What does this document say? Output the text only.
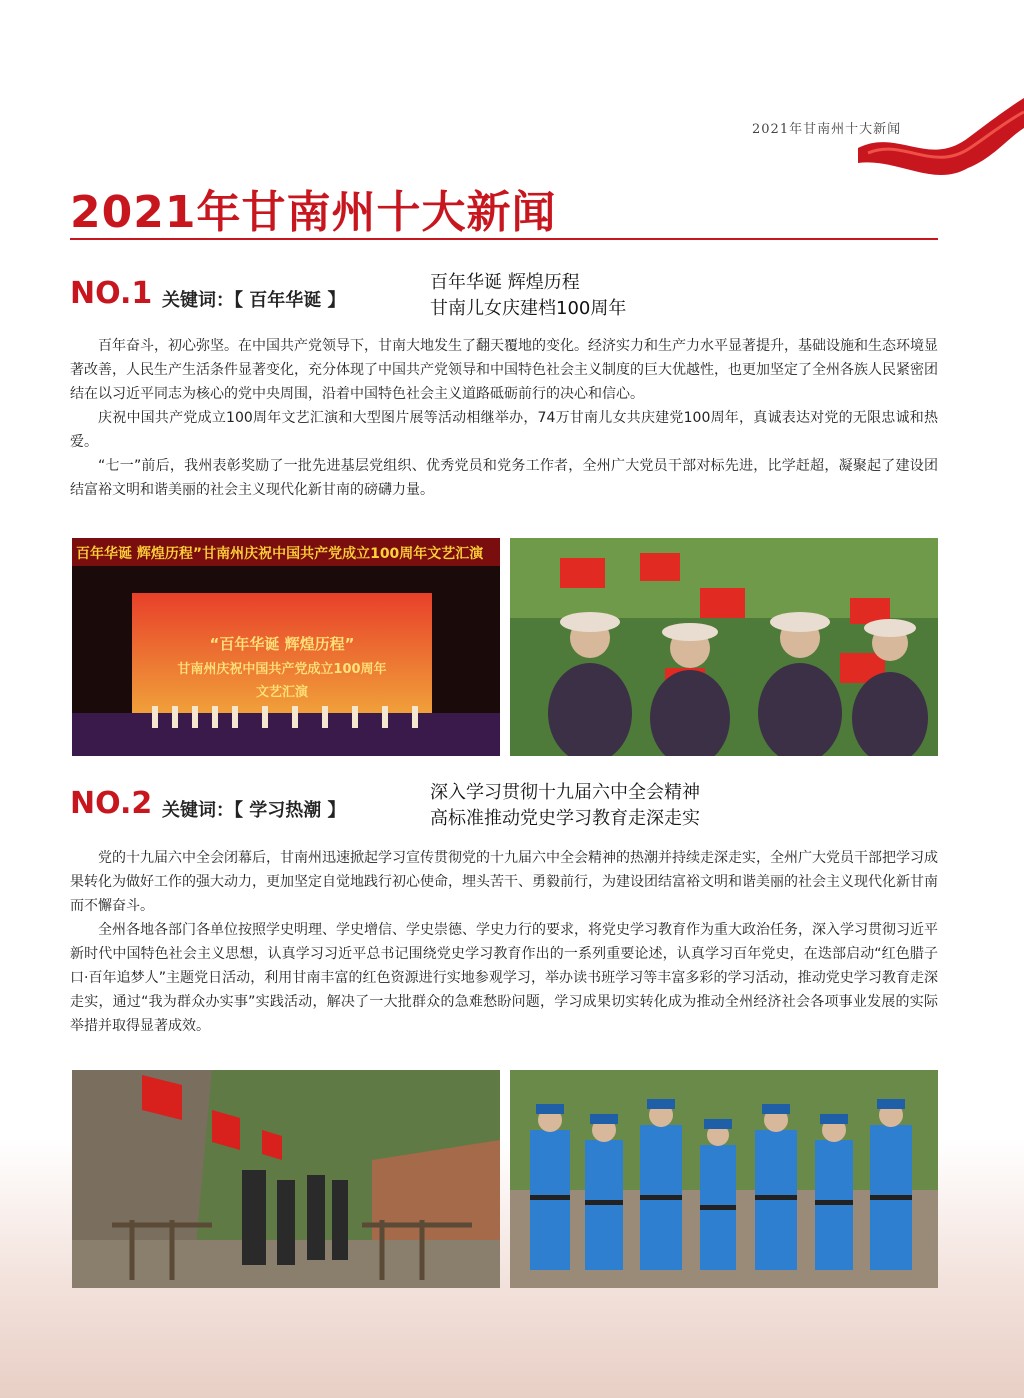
2021年甘南州十大新闻
2021年甘南州十大新闻
NO.1 关键词：【 百年华诞 】
百年华诞 辉煌历程
甘南儿女庆建档100周年

百年奋斗，初心弥坚。在中国共产党领导下，甘南大地发生了翻天覆地的变化。经济实力和生产力水平显著提升，基础设施和生态环境显著改善，人民生产生活条件显著变化，充分体现了中国共产党领导和中国特色社会主义制度的巨大优越性，也更加坚定了全州各族人民紧密团结在以习近平同志为核心的党中央周围，沿着中国特色社会主义道路砥砺前行的决心和信心。

庆祝中国共产党成立100周年文艺汇演和大型图片展等活动相继举办，74万甘南儿女共庆建党100周年，真诚表达对党的无限忠诚和热爱。

“七一”前后，我州表彰奖励了一批先进基层党组织、优秀党员和党务工作者，全州广大党员干部对标先进，比学赶超，凝聚起了建设团结富裕文明和谐美丽的社会主义现代化新甘南的磅礴力量。

百年华诞 辉煌历程”甘南州庆祝中国共产党成立100周年文艺汇演
“百年华诞 辉煌历程”
甘南州庆祝中国共产党成立100周年
文艺汇演
NO.2 关键词：【 学习热潮 】
深入学习贯彻十九届六中全会精神
高标准推动党史学习教育走深走实

党的十九届六中全会闭幕后，甘南州迅速掀起学习宣传贯彻党的十九届六中全会精神的热潮并持续走深走实，全州广大党员干部把学习成果转化为做好工作的强大动力，更加坚定自觉地践行初心使命，埋头苦干、勇毅前行，为建设团结富裕文明和谐美丽的社会主义现代化新甘南而不懈奋斗。

全州各地各部门各单位按照学史明理、学史增信、学史崇德、学史力行的要求，将党史学习教育作为重大政治任务，深入学习贯彻习近平新时代中国特色社会主义思想，认真学习习近平总书记围绕党史学习教育作出的一系列重要论述，认真学习百年党史，在迭部启动“红色腊子口·百年追梦人”主题党日活动，利用甘南丰富的红色资源进行实地参观学习，举办读书班学习等丰富多彩的学习活动，推动党史学习教育走深走实，通过“我为群众办实事”实践活动，解决了一大批群众的急难愁盼问题，学习成果切实转化成为推动全州经济社会各项事业发展的实际举措并取得显著成效。
